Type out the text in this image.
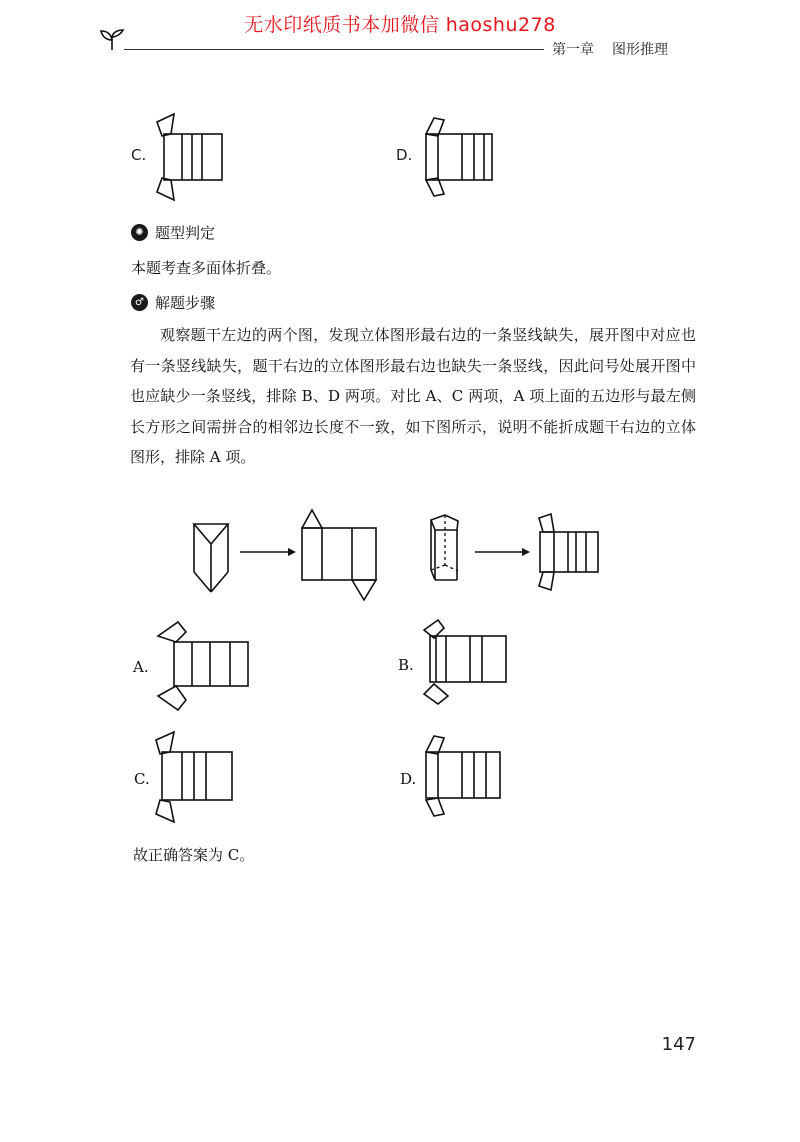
无水印纸质书本加微信 haoshu278
第一章 图形推理
C.	D.
✺ 题型判定
本题考查多面体折叠。
♂ 解题步骤
观察题干左边的两个图，发现立体图形最右边的一条竖线缺失，展开图中对应也有一条竖线缺失，题干右边的立体图形最右边也缺失一条竖线，因此问号处展开图中也应缺少一条竖线，排除 B、D 两项。对比 A、C 两项，A 项上面的五边形与最左侧长方形之间需拼合的相邻边长度不一致，如下图所示，说明不能折成题干右边的立体图形，排除 A 项。
A.	B.
C.	D.
故正确答案为 C。
147
